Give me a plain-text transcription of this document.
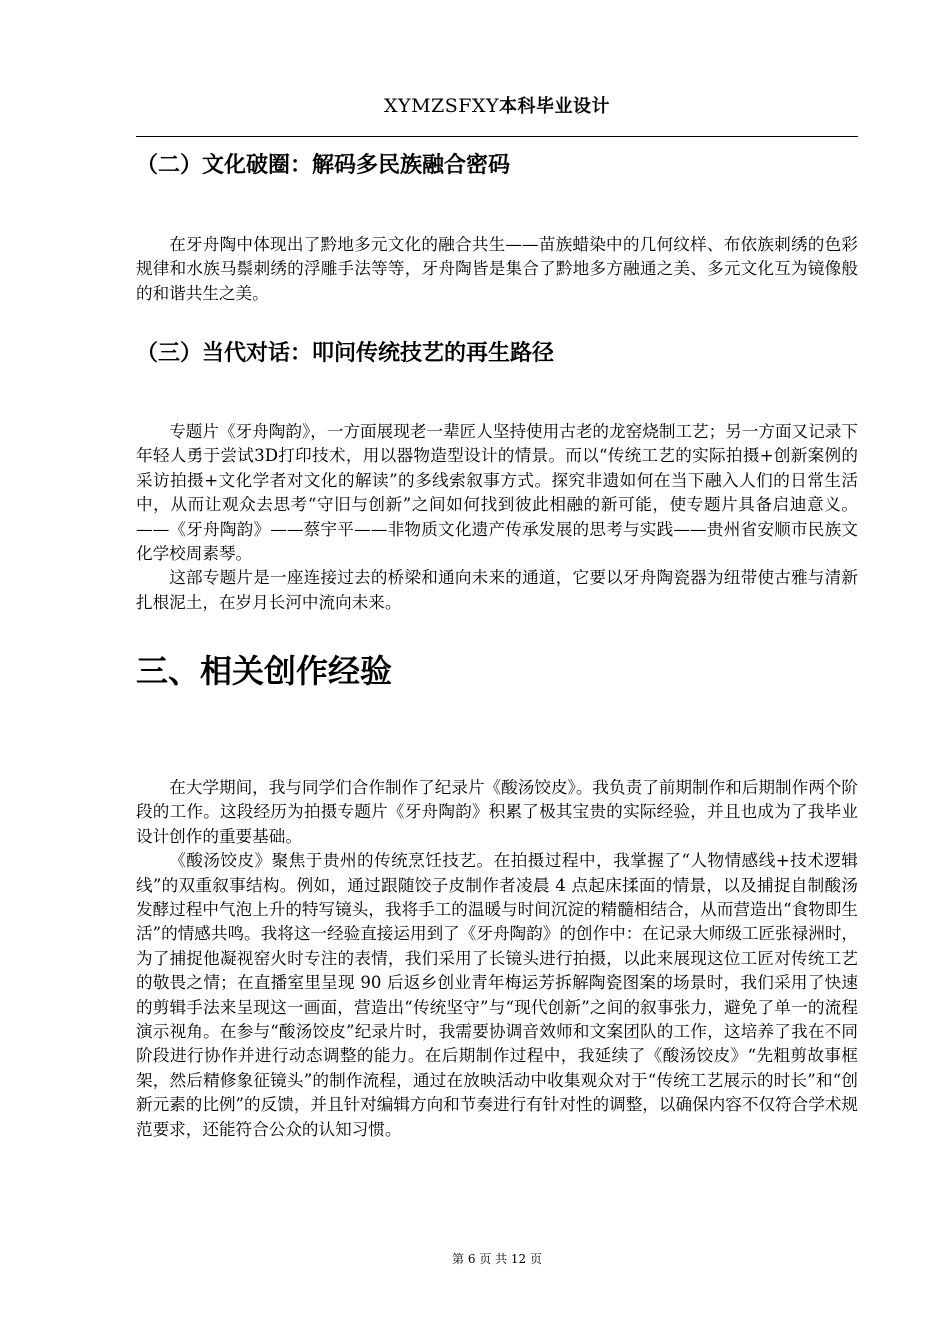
XYMZSFXY本科毕业设计
（二）文化破圈：解码多民族融合密码

在牙舟陶中体现出了黔地多元文化的融合共生——苗族蜡染中的几何纹样、布依族刺绣的色彩规律和水族马鬃刺绣的浮雕手法等等，牙舟陶皆是集合了黔地多方融通之美、多元文化互为镜像般的和谐共生之美。

（三）当代对话：叩问传统技艺的再生路径

专题片《牙舟陶韵》，一方面展现老一辈匠人坚持使用古老的龙窑烧制工艺；另一方面又记录下年轻人勇于尝试3D打印技术，用以器物造型设计的情景。而以“传统工艺的实际拍摄+创新案例的采访拍摄+文化学者对文化的解读”的多线索叙事方式。探究非遗如何在当下融入人们的日常生活中，从而让观众去思考“守旧与创新”之间如何找到彼此相融的新可能，使专题片具备启迪意义。——《牙舟陶韵》——蔡宇平——非物质文化遗产传承发展的思考与实践——贵州省安顺市民族文化学校周素琴。

这部专题片是一座连接过去的桥梁和通向未来的通道，它要以牙舟陶瓷器为纽带使古雅与清新扎根泥土，在岁月长河中流向未来。

三、相关创作经验

在大学期间，我与同学们合作制作了纪录片《酸汤饺皮》。我负责了前期制作和后期制作两个阶段的工作。这段经历为拍摄专题片《牙舟陶韵》积累了极其宝贵的实际经验，并且也成为了我毕业设计创作的重要基础。

《酸汤饺皮》聚焦于贵州的传统烹饪技艺。在拍摄过程中，我掌握了“人物情感线+技术逻辑线”的双重叙事结构。例如，通过跟随饺子皮制作者凌晨 4 点起床揉面的情景，以及捕捉自制酸汤发酵过程中气泡上升的特写镜头，我将手工的温暖与时间沉淀的精髓相结合，从而营造出“食物即生活”的情感共鸣。我将这一经验直接运用到了《牙舟陶韵》的创作中：在记录大师级工匠张禄洲时，为了捕捉他凝视窑火时专注的表情，我们采用了长镜头进行拍摄，以此来展现这位工匠对传统工艺的敬畏之情；在直播室里呈现 90 后返乡创业青年梅运芳拆解陶瓷图案的场景时，我们采用了快速的剪辑手法来呈现这一画面，营造出“传统坚守”与“现代创新”之间的叙事张力，避免了单一的流程演示视角。在参与“酸汤饺皮”纪录片时，我需要协调音效师和文案团队的工作，这培养了我在不同阶段进行协作并进行动态调整的能力。在后期制作过程中，我延续了《酸汤饺皮》“先粗剪故事框架，然后精修象征镜头”的制作流程，通过在放映活动中收集观众对于“传统工艺展示的时长”和“创新元素的比例”的反馈，并且针对编辑方向和节奏进行有针对性的调整，以确保内容不仅符合学术规范要求，还能符合公众的认知习惯。

第 6 页 共 12 页
